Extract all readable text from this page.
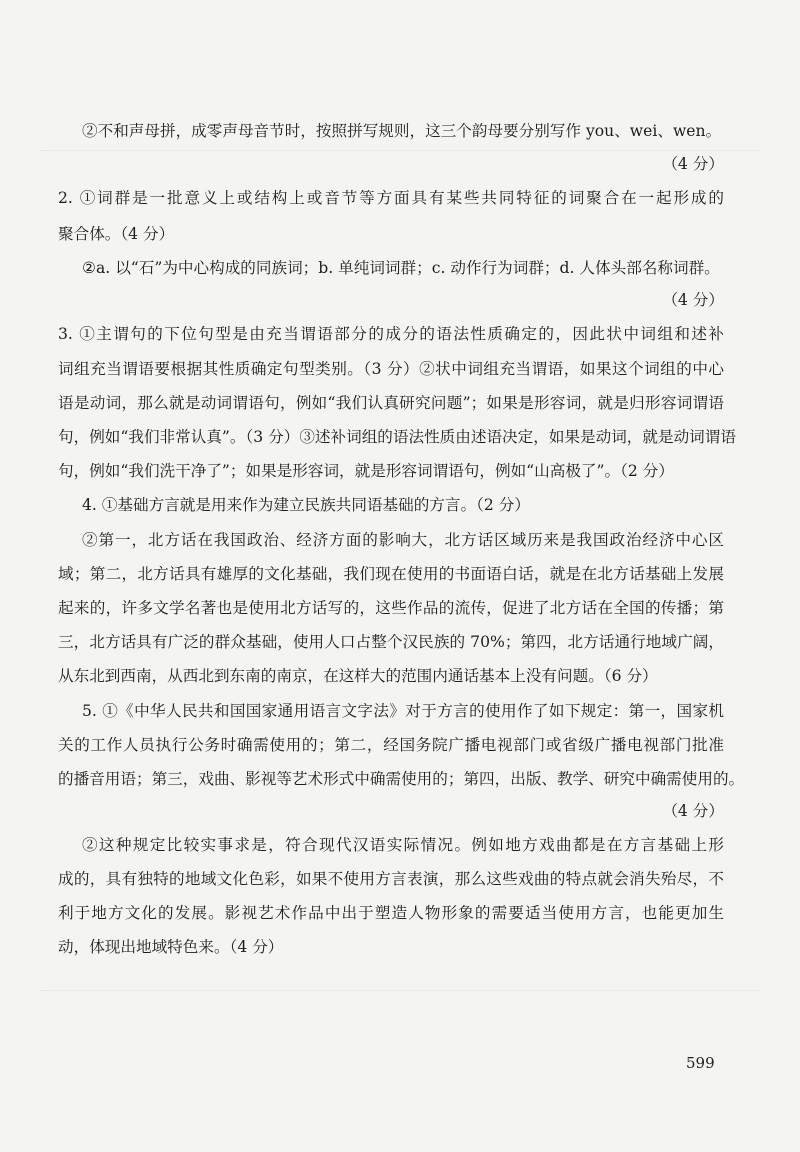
②不和声母拼，成零声母音节时，按照拼写规则，这三个韵母要分别写作 you、wei、wen。
（4 分）
2. ①词群是一批意义上或结构上或音节等方面具有某些共同特征的词聚合在一起形成的
聚合体。（4 分）
②a. 以“石”为中心构成的同族词；b. 单纯词词群；c. 动作行为词群；d. 人体头部名称词群。
（4 分）
3. ①主谓句的下位句型是由充当谓语部分的成分的语法性质确定的，因此状中词组和述补
词组充当谓语要根据其性质确定句型类别。（3 分）②状中词组充当谓语，如果这个词组的中心
语是动词，那么就是动词谓语句，例如“我们认真研究问题”；如果是形容词，就是归形容词谓语
句，例如“我们非常认真”。（3 分）③述补词组的语法性质由述语决定，如果是动词，就是动词谓语
句，例如“我们洗干净了”；如果是形容词，就是形容词谓语句，例如“山高极了”。（2 分）
4. ①基础方言就是用来作为建立民族共同语基础的方言。（2 分）
②第一，北方话在我国政治、经济方面的影响大，北方话区域历来是我国政治经济中心区
域；第二，北方话具有雄厚的文化基础，我们现在使用的书面语白话，就是在北方话基础上发展
起来的，许多文学名著也是使用北方话写的，这些作品的流传，促进了北方话在全国的传播；第
三，北方话具有广泛的群众基础，使用人口占整个汉民族的 70%；第四，北方话通行地域广阔，
从东北到西南，从西北到东南的南京，在这样大的范围内通话基本上没有问题。（6 分）
5. ①《中华人民共和国国家通用语言文字法》对于方言的使用作了如下规定：第一，国家机
关的工作人员执行公务时确需使用的；第二，经国务院广播电视部门或省级广播电视部门批准
的播音用语；第三，戏曲、影视等艺术形式中确需使用的；第四，出版、教学、研究中确需使用的。
（4 分）
②这种规定比较实事求是，符合现代汉语实际情况。例如地方戏曲都是在方言基础上形
成的，具有独特的地域文化色彩，如果不使用方言表演，那么这些戏曲的特点就会消失殆尽，不
利于地方文化的发展。影视艺术作品中出于塑造人物形象的需要适当使用方言，也能更加生
动，体现出地域特色来。（4 分）
599
